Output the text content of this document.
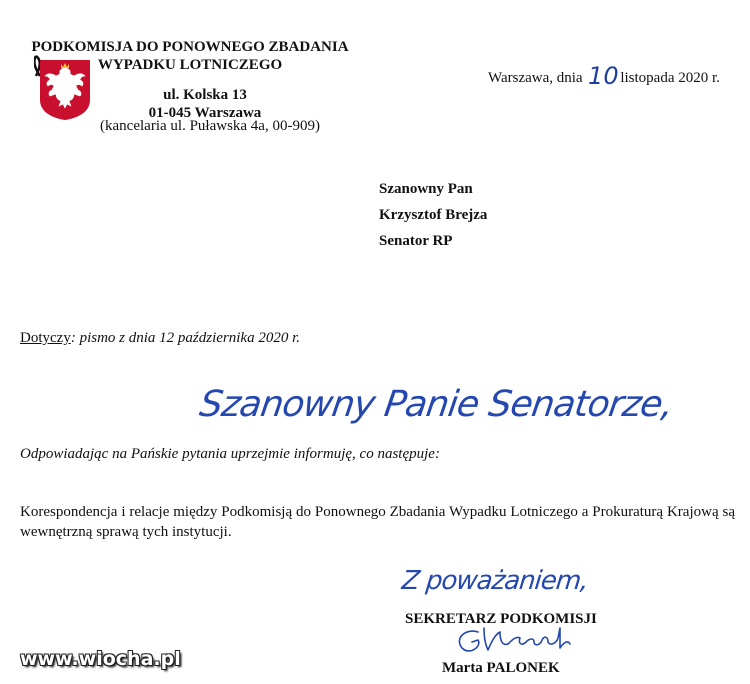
PODKOMISJA DO PONOWNEGO ZBADANIA
WYPADKU LOTNICZEGO
ul. Kolska 13
01-045 Warszawa
(kancelaria ul. Puławska 4a, 00-909)
Warszawa, dnia 10 listopada 2020 r.
Szanowny Pan
Krzysztof Brejza
Senator RP
Dotyczy: pismo z dnia 12 października 2020 r.
Szanowny Panie Senatorze,
Odpowiadając na Pańskie pytania uprzejmie informuję, co następuje:
Korespondencja i relacje między Podkomisją do Ponownego Zbadania Wypadku Lotniczego a Prokuraturą Krajową są wewnętrzną sprawą tych instytucji.
Z poważaniem,
SEKRETARZ PODKOMISJI
Marta PALONEK
www.wiocha.pl
